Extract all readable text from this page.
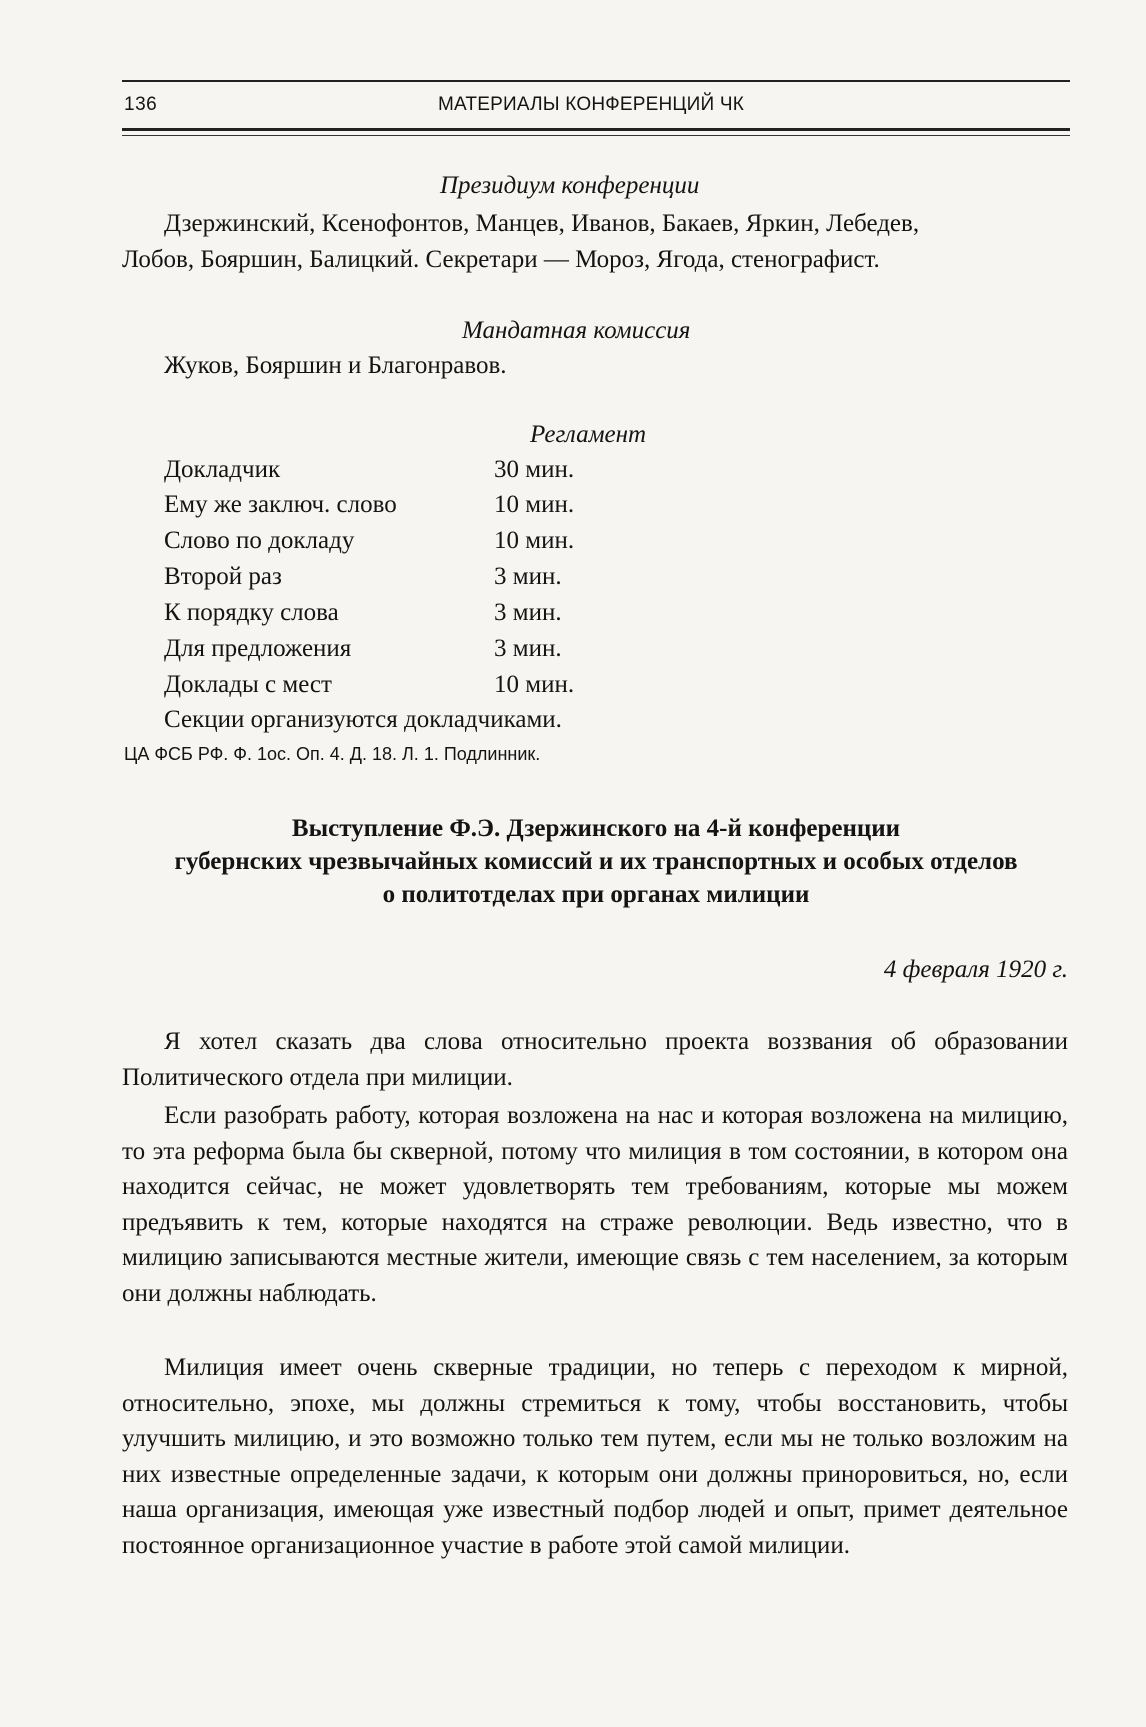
136	МАТЕРИАЛЫ КОНФЕРЕНЦИЙ ЧК
Президиум конференции
Дзержинский, Ксенофонтов, Манцев, Иванов, Бакаев, Яркин, Лебедев,
Лобов, Бояршин, Балицкий. Секретари — Мороз, Ягода, стенографист.
Мандатная комиссия
Жуков, Бояршин и Благонравов.
Регламент
Докладчик	30 мин.
Ему же заключ. слово	10 мин.
Слово по докладу	10 мин.
Второй раз	3 мин.
К порядку слова	3 мин.
Для предложения	3 мин.
Доклады с мест	10 мин.
Секции организуются докладчиками.
ЦА ФСБ РФ. Ф. 1ос. Оп. 4. Д. 18. Л. 1. Подлинник.
Выступление Ф.Э. Дзержинского на 4-й конференции
губернских чрезвычайных комиссий и их транспортных и особых отделов
о политотделах при органах милиции
4 февраля 1920 г.
Я хотел сказать два слова относительно проекта воззвания об образовании Политического отдела при милиции.
Если разобрать работу, которая возложена на нас и которая возложена на милицию, то эта реформа была бы скверной, потому что милиция в том состоянии, в котором она находится сейчас, не может удовлетворять тем требованиям, которые мы можем предъявить к тем, которые находятся на страже революции. Ведь известно, что в милицию записываются местные жители, имеющие связь с тем населением, за которым они должны наблюдать.
Милиция имеет очень скверные традиции, но теперь с переходом к мирной, относительно, эпохе, мы должны стремиться к тому, чтобы восстановить, чтобы улучшить милицию, и это возможно только тем путем, если мы не только возложим на них известные определенные задачи, к которым они должны приноровиться, но, если наша организация, имеющая уже известный подбор людей и опыт, примет деятельное постоянное организационное участие в работе этой самой милиции.
